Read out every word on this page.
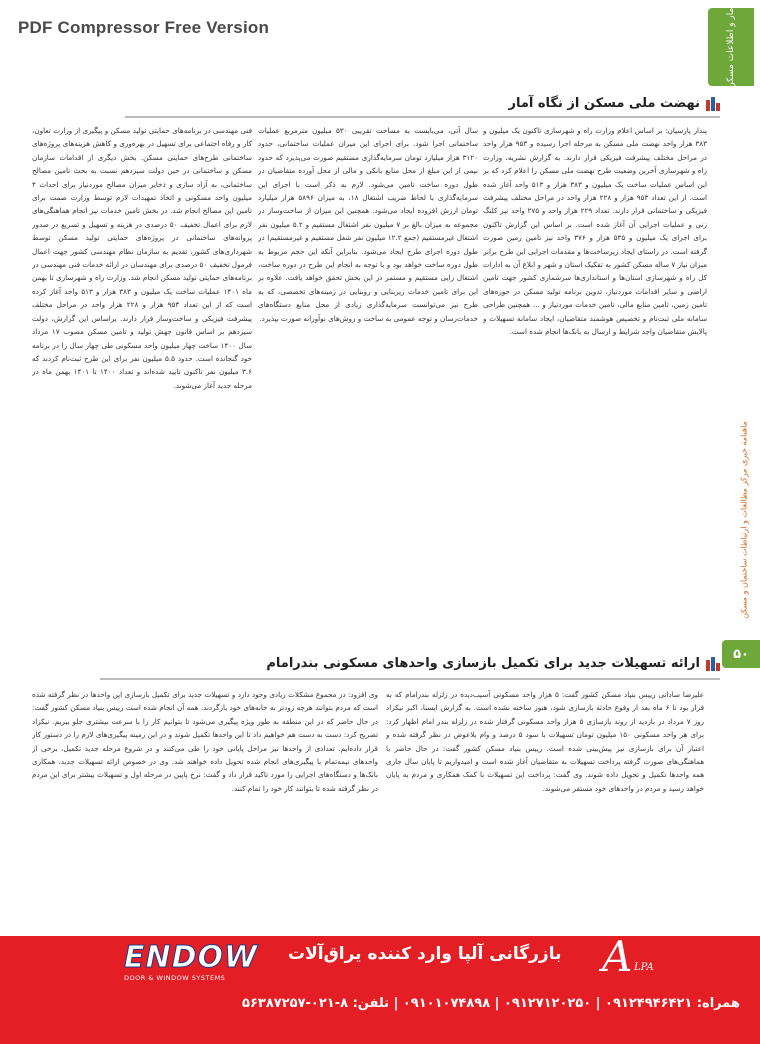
PDF Compressor Free Version	آمار و اطلاعات مسکن
ماهنامه خبری مرکز مطالعات و ارتباطات ساختمان و مسکن
۵۰
نهضت ملی مسکن از نگاه آمار
پندار پارسیان: بر اساس اعلام وزارت راه و شهرسازی تاکنون یک میلیون و ۳۸۳ هزار واحد نهضت ملی مسکن به مرحله اجرا رسیده و ۹۵۳ هزار واحد در مراحل مختلف پیشرفت فیزیکی قرار دارند. به گزارش نشریه، وزارت راه و شهرسازی آخرین وضعیت طرح نهضت ملی مسکن را اعلام کرد که بر این اساس عملیات ساخت یک میلیون و ۳۸۳ هزار و ۵۱۳ واحد آغاز شده است. از این تعداد ۹۵۳ هزار و ۲۲۸ هزار واحد در مراحل مختلف پیشرفت فیزیکی و ساختمانی قرار دارند. تعداد ۲۲۹ هزار واحد و ۲۷۵ واحد نیز کلنگ زنی و عملیات اجرایی آن آغاز شده است. بر اساس این گزارش تاکنون برای اجرای یک میلیون و ۵۳۵ هزار و ۳۷۶ واحد نیز تامین زمین صورت گرفته است. در راستای ایجاد زیرساخت‌ها و مقدمات اجرایی این طرح برابر میزان نیاز ۷ ساله مسکن کشور به تفکیک استان و شهر و ابلاغ آن به ادارات کل راه و شهرسازی استان‌ها و استانداری‌ها سرشماری کشور جهت تامین اراضی و سایر اقدامات موردنیاز، تدوین برنامه تولید مسکن در حوزه‌های تامین زمین، تامین منابع مالی، تامین خدمات موردنیاز و ... همچنین طراحی سامانه ملی ثبت‌نام و تخصیص هوشمند متقاضیان، ایجاد سامانه تسهیلات و پالایش متقاضیان واجد شرایط و ارسال به بانک‌ها انجام شده است.
سال آتی، می‌بایست به مساحت تقریبی ۵۳۰ میلیون مترمربع عملیات ساختمانی اجرا شود. برای اجرای این میزان عملیات ساختمانی، حدود ۳۱۲۰ هزار میلیارد تومان سرمایه‌گذاری مستقیم صورت می‌پذیرد که حدود نیمی از این مبلغ از محل منابع بانکی و مالی از محل آورده متقاضیان در طول دوره ساخت تامین می‌شود. لازم به ذکر است با اجرای این سرمایه‌گذاری با لحاظ ضریب اشتغال ۱۸، به میزان ۵۸۹۶ هزار میلیارد تومان ارزش افزوده ایجاد می‌شود. همچنین این میزان از ساخت‌وساز در مجموعه به میزان بالغ بر ۷ میلیون نفر اشتغال مستقیم و ۵.۲ میلیون نفر اشتغال غیرمستقیم (جمع ۱۲.۲ میلیون نفر شغل مستقیم و غیرمستقیم) در طول دوره اجرای طرح ایجاد می‌شود. بنابراین آنکه این حجم مربوط به طول دوره ساخت خواهد بود و با توجه به انجام این طرح در دوره ساخت، اشتغال زایی مستقیم و مستمر در این بخش تحقق خواهد یافت. علاوه بر این برای تامین خدمات زیربنایی و روبنایی در زمینه‌های تخصصی، که به طرح نیز می‌توانست سرمایه‌گذاری زیادی از محل منابع دستگاه‌های خدمات‌رسان و توجه عمومی به ساخت و روش‌های نوآورانه صورت بپذیرد.
فنی مهندسی در برنامه‌های حمایتی تولید مسکن و پیگیری از وزارت تعاون، کار و رفاه اجتماعی برای تسهیل در بهره‌وری و کاهش هزینه‌های پروژه‌های ساختمانی طرح‌های حمایتی مسکن. بخش دیگری از اقدامات سازمان مسکن و ساختمانی در حین دولت سیزدهم نسبت به بحث تامین مصالح ساختمانی، به آزاد سازی و ذخایر میزان مصالح موردنیاز برای احداث ۴ میلیون واحد مسکونی و اتخاذ تمهیدات لازم توسط وزارت صمت برای تامین این مصالح انجام شد. در بخش تامین خدمات نیز انجام هماهنگی‌های لازم برای اعمال تخفیف ۵۰ درصدی در هزینه و تسهیل و تسریع در صدور پروانه‌های ساختمانی در پروژه‌های حمایتی تولید مسکن توسط شهرداری‌های کشور، تقدیم به سازمان نظام مهندسی کشور جهت اعمال فرمول تخفیف ۵۰ درصدی برای مهندسان در ارائه خدمات فنی مهندسی در برنامه‌های حمایتی تولید مسکن انجام شد. وزارت راه و شهرسازی تا بهمن ماه ۱۴۰۱ عملیات ساخت یک میلیون و ۳۸۳ هزار و ۵۱۳ واحد آغاز کرده است که از این تعداد ۹۵۳ هزار و ۲۲۸ هزار واحد در مراحل مختلف پیشرفت فیزیکی و ساخت‌وساز قرار دارند. براساس این گزارش، دولت سیزدهم بر اساس قانون جهش تولید و تامین مسکن مصوب ۱۷ مرداد سال ۱۴۰۰ ساخت چهار میلیون واحد مسکونی طی چهار سال را در برنامه خود گنجانده است. حدود ۵.۵ میلیون نفر برای این طرح ثبت‌نام کردند که ۳.۶ میلیون نفر تاکنون تایید شده‌اند و تعداد ۱۴۰۰ تا ۱۴۰۱ بهمن ماه در مرحله جدید آغاز می‌شوند.
ارائه تسهیلات جدید برای تکمیل بازسازی واحدهای مسکونی بندرامام
علیرضا ساداتی رییس بنیاد مسکن کشور گفت: ۵ هزار واحد مسکونی آسیب‌دیده در زلزله بندرامام که به قرار بود تا ۶ ماه بعد از وقوع حادثه بازسازی شود، هنوز ساخته نشده است. به گزارش ایسنا، اکبر نیکزاد روز ۷ مرداد در بازدید از روند بازسازی ۵ هزار واحد مسکونی گرفتار شده در زلزله بندر امام اظهار کرد: برای هر واحد مسکونی ۱۵۰ میلیون تومان تسهیلات با سود ۵ درصد و وام بلاعوض در نظر گرفته شده و اعتبار آن برای بازسازی نیز پیش‌بینی شده است. رییس بنیاد مسکن کشور گفت: در حال حاضر با هماهنگی‌های صورت گرفته پرداخت تسهیلات به متقاضیان آغاز شده است و امیدواریم تا پایان سال جاری همه واحدها تکمیل و تحویل داده شوند. وی گفت: پرداخت این تسهیلات با کمک همکاری و مردم به پایان خواهد رسید و مردم در واحدهای خود مستقر می‌شوند.
وی افزود: در مجموع مشکلات زیادی وجود دارد و تسهیلات جدید برای تکمیل بازسازی این واحدها در نظر گرفته شده است که مردم بتوانند هرچه زودتر به خانه‌های خود بازگردند. همه آن انجام شده است رییس بنیاد مسکن کشور گفت: در حال حاضر که در این منطقه به طور ویژه پیگیری می‌شود تا بتوانیم کار را با سرعت بیشتری جلو ببریم. نیکزاد تصریح کرد: دست به دست هم خواهیم داد تا این واحدها تکمیل شوند و در این زمینه پیگیری‌های لازم را در دستور کار قرار داده‌ایم. تعدادی از واحدها نیز مراحل پایانی خود را طی می‌کنند و در شروع مرحله جدید تکمیل، برخی از واحدهای نیمه‌تمام با پیگیری‌های انجام شده تحویل داده خواهند شد. وی در خصوص ارائه تسهیلات جدید، همکاری بانک‌ها و دستگاه‌های اجرایی را مورد تاکید قرار داد و گفت: نرخ پایین در مرحله اول و تسهیلات بیشتر برای این مردم در نظر گرفته شده تا بتوانند کار خود را تمام کنند.
ENDOW
DOOR & WINDOW SYSTEMS
بازرگانی آلپا وارد کننده یراق‌آلات A LPA
همراه: ۰۹۱۲۴۹۴۶۴۲۱ | ۰۹۱۲۷۱۲۰۲۵۰ | ۰۹۱۰۱۰۷۴۸۹۸ | تلفن: ۸-۰۲۱-۵۶۳۸۷۲۵۷
